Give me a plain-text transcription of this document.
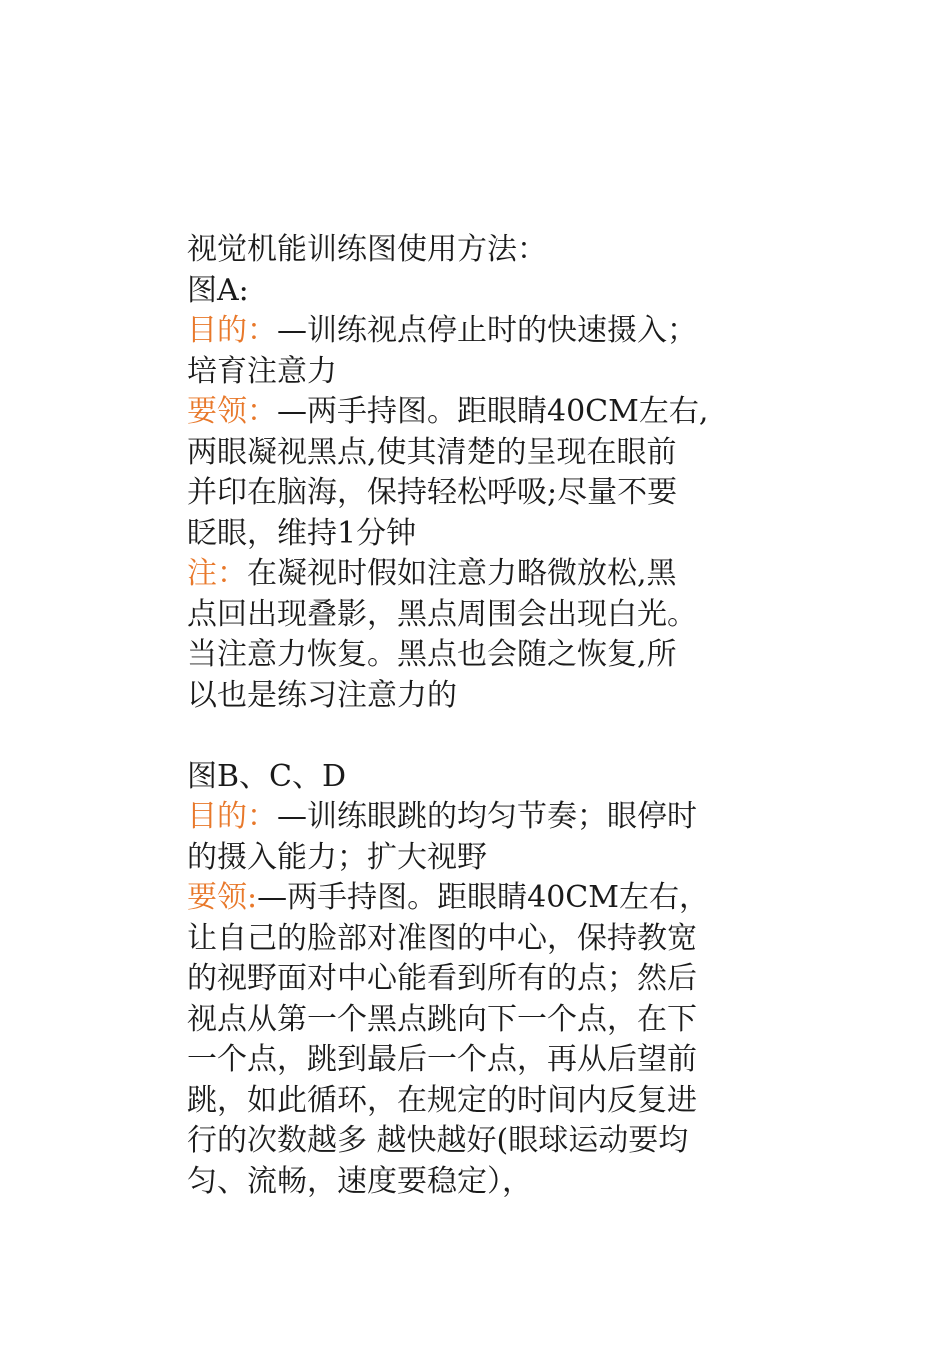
视觉机能训练图使用方法：
图A:
目的：—训练视点停止时的快速摄入；
培育注意力
要领：—两手持图。距眼睛40CM左右,
两眼凝视黑点,使其清楚的呈现在眼前
并印在脑海，保持轻松呼吸;尽量不要
眨眼，维持1分钟
注：在凝视时假如注意力略微放松,黑
点回出现叠影，黑点周围会出现白光。
当注意力恢复。黑点也会随之恢复,所
以也是练习注意力的
图B、C、D
目的：—训练眼跳的均匀节奏；眼停时
的摄入能力；扩大视野
要领:—两手持图。距眼睛40CM左右，
让自己的脸部对准图的中心，保持教宽
的视野面对中心能看到所有的点；然后
视点从第一个黑点跳向下一个点，在下
一个点，跳到最后一个点，再从后望前
跳，如此循环，在规定的时间内反复进
行的次数越多 越快越好(眼球运动要均
匀、流畅，速度要稳定），
